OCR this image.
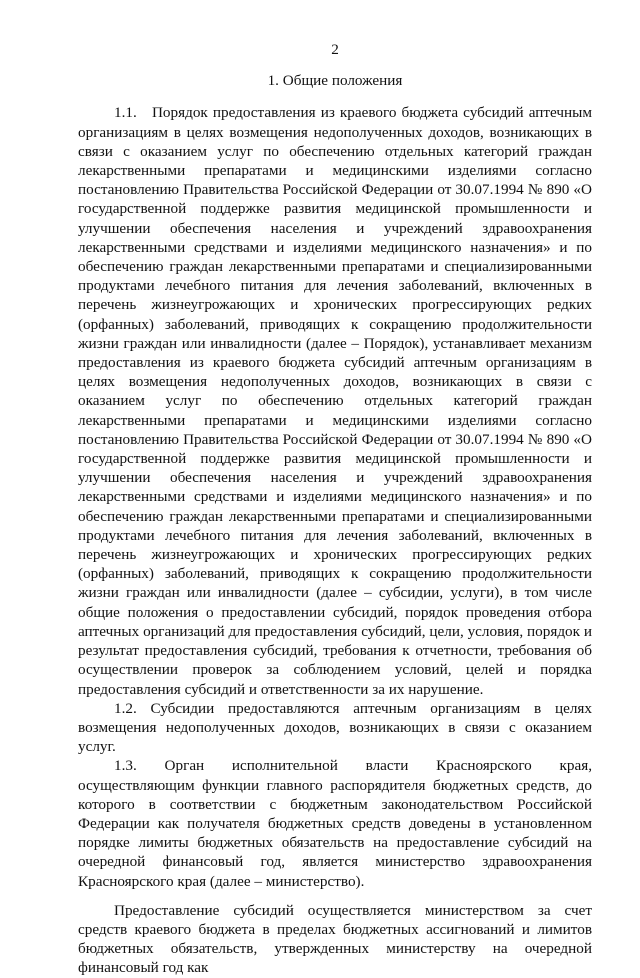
2
1. Общие положения

1.1.   Порядок предоставления из краевого бюджета субсидий аптечным организациям в целях возмещения недополученных доходов, возникающих в связи с оказанием услуг по обеспечению отдельных категорий граждан лекарственными препаратами и медицинскими изделиями согласно постановлению Правительства Российской Федерации от 30.07.1994 № 890 «О государственной поддержке развития медицинской промышленности и улучшении обеспечения населения и учреждений здравоохранения лекарственными средствами и изделиями медицинского назначения» и по обеспечению граждан лекарственными препаратами и специализированными продуктами лечебного питания для лечения заболеваний, включенных в перечень жизнеугрожающих и хронических прогрессирующих редких (орфанных) заболеваний, приводящих к сокращению продолжительности жизни граждан или инвалидности (далее – Порядок), устанавливает механизм предоставления из краевого бюджета субсидий аптечным организациям в целях возмещения недополученных доходов, возникающих в связи с оказанием услуг по обеспечению отдельных категорий граждан лекарственными препаратами и медицинскими изделиями согласно постановлению Правительства Российской Федерации от 30.07.1994 № 890 «О государственной поддержке развития медицинской промышленности и улучшении обеспечения населения и учреждений здравоохранения лекарственными средствами и изделиями медицинского назначения» и по обеспечению граждан лекарственными препаратами и специализированными продуктами лечебного питания для лечения заболеваний, включенных в перечень жизнеугрожающих и хронических прогрессирующих редких (орфанных) заболеваний, приводящих к сокращению продолжительности жизни граждан или инвалидности (далее – субсидии, услуги), в том числе общие положения о предоставлении субсидий, порядок проведения отбора аптечных организаций для предоставления субсидий, цели, условия, порядок и результат предоставления субсидий, требования к отчетности, требования об осуществлении проверок за соблюдением условий, целей и порядка предоставления субсидий и ответственности за их нарушение.

1.2. Субсидии предоставляются аптечным организациям в целях возмещения недополученных доходов, возникающих в связи с оказанием услуг.

1.3. Орган исполнительной власти Красноярского края, осуществляющим функции главного распорядителя бюджетных средств, до которого в соответствии с бюджетным законодательством Российской Федерации как получателя бюджетных средств доведены в установленном порядке лимиты бюджетных обязательств на предоставление субсидий на очередной финансовый год, является министерство здравоохранения Красноярского края (далее – министерство).

Предоставление субсидий осуществляется министерством за счет средств краевого бюджета в пределах бюджетных ассигнований и лимитов бюджетных обязательств, утвержденных министерству на очередной финансовый год как
